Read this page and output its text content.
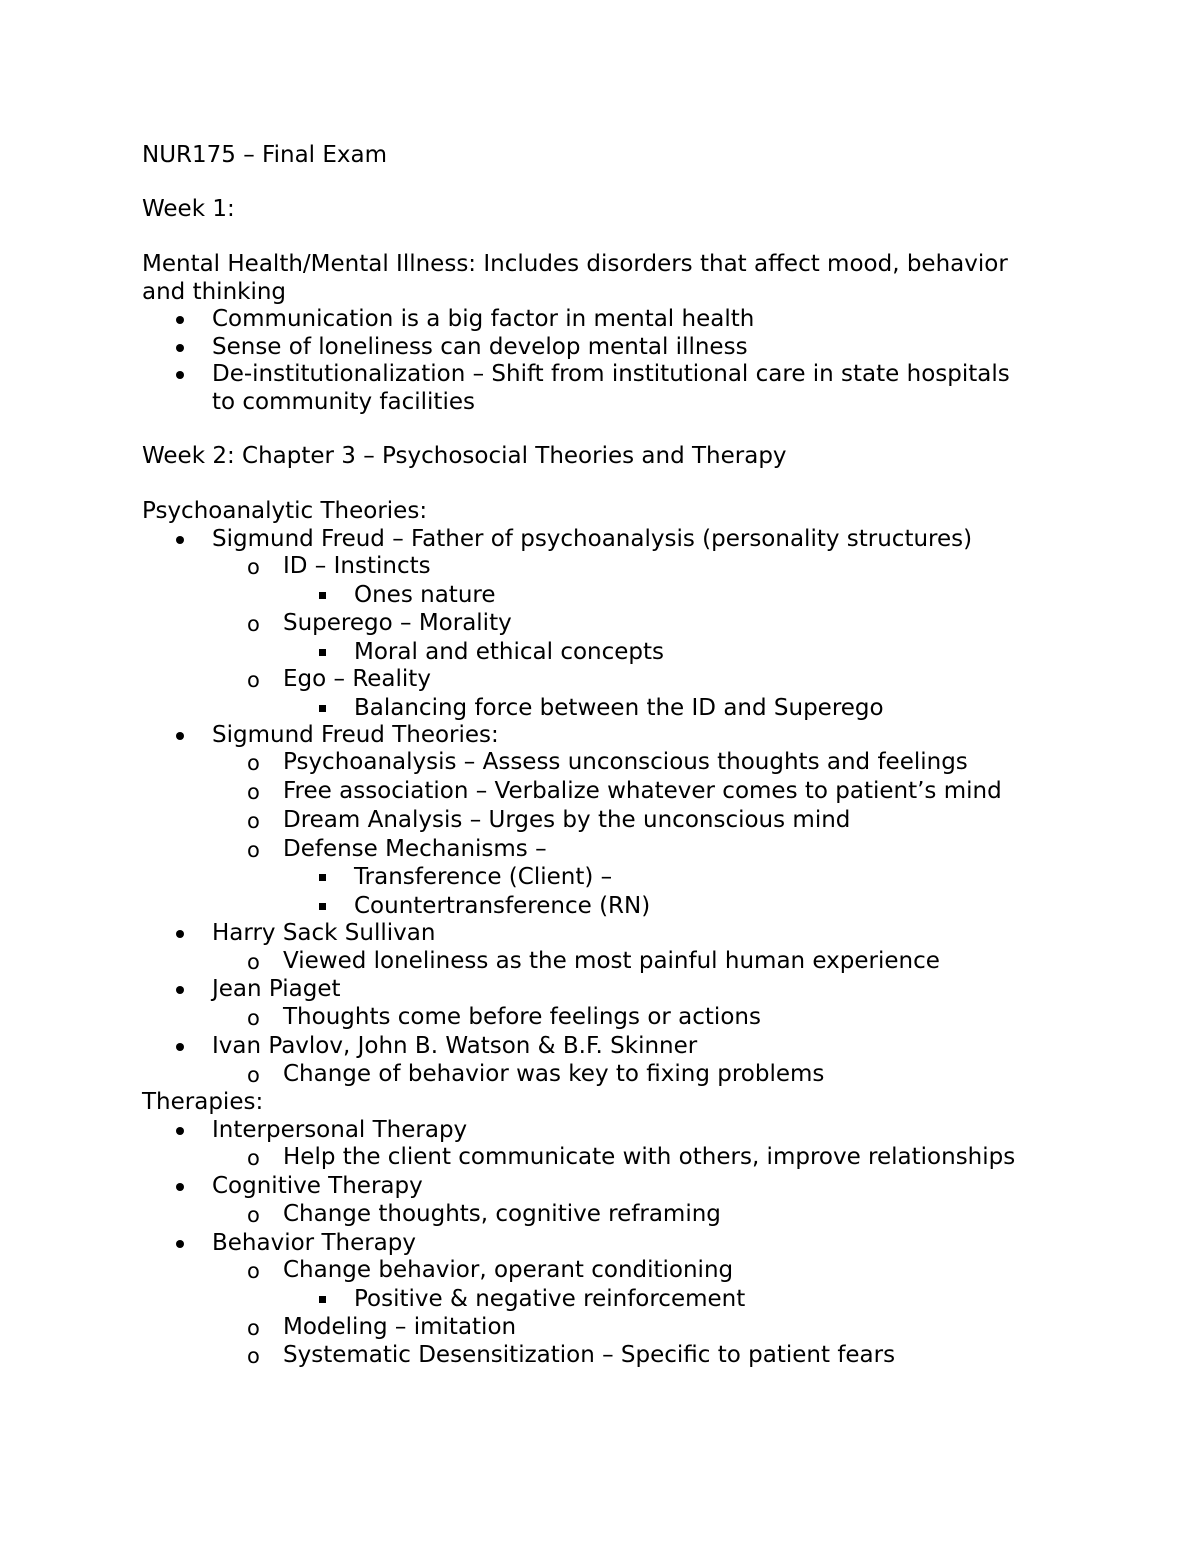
NUR175 – Final Exam
Week 1:
Mental Health/Mental Illness: Includes disorders that affect mood, behavior
and thinking
Communication is a big factor in mental health
Sense of loneliness can develop mental illness
De-institutionalization – Shift from institutional care in state hospitals
to community facilities
Week 2: Chapter 3 – Psychosocial Theories and Therapy
Psychoanalytic Theories:
Sigmund Freud – Father of psychoanalysis (personality structures)
o ID – Instincts
Ones nature
o Superego – Morality
Moral and ethical concepts
o Ego – Reality
Balancing force between the ID and Superego
Sigmund Freud Theories:
o Psychoanalysis – Assess unconscious thoughts and feelings
o Free association – Verbalize whatever comes to patient’s mind
o Dream Analysis – Urges by the unconscious mind
o Defense Mechanisms –
Transference (Client) –
Countertransference (RN)
Harry Sack Sullivan
o Viewed loneliness as the most painful human experience
Jean Piaget
o Thoughts come before feelings or actions
Ivan Pavlov, John B. Watson & B.F. Skinner
o Change of behavior was key to fixing problems
Therapies:
Interpersonal Therapy
o Help the client communicate with others, improve relationships
Cognitive Therapy
o Change thoughts, cognitive reframing
Behavior Therapy
o Change behavior, operant conditioning
Positive & negative reinforcement
o Modeling – imitation
o Systematic Desensitization – Specific to patient fears
